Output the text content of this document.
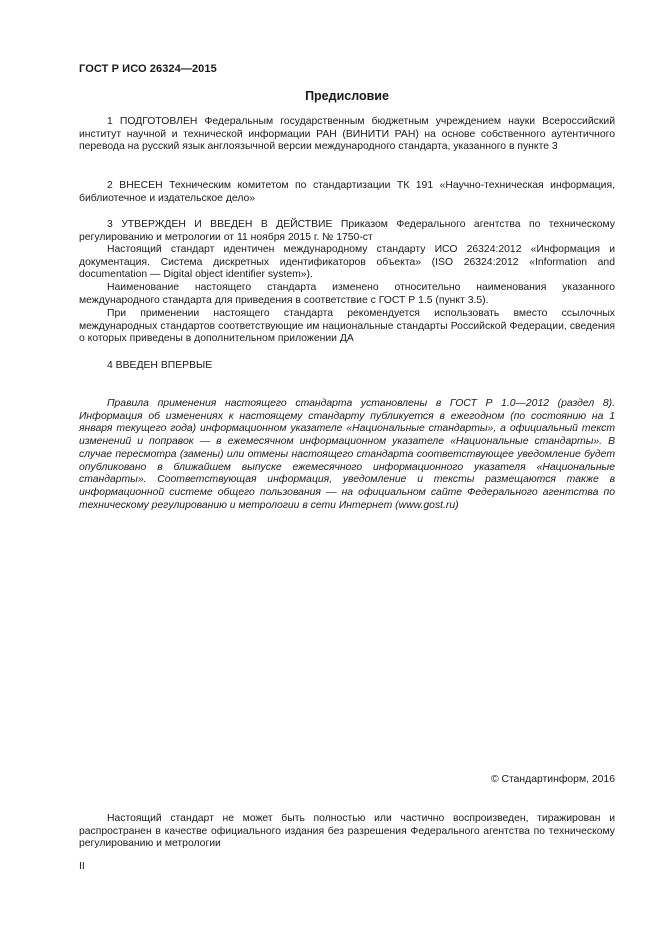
ГОСТ Р ИСО 26324—2015
Предисловие

1 ПОДГОТОВЛЕН Федеральным государственным бюджетным учреждением науки Всероссийский институт научной и технической информации РАН (ВИНИТИ РАН) на основе собственного аутентичного перевода на русский язык англоязычной версии международного стандарта, указанного в пункте 3

2 ВНЕСЕН Техническим комитетом по стандартизации ТК 191 «Научно-техническая информация, библиотечное и издательское дело»

3 УТВЕРЖДЕН И ВВЕДЕН В ДЕЙСТВИЕ Приказом Федерального агентства по техническому регулированию и метрологии от 11 ноября 2015 г. № 1750-ст

Настоящий стандарт идентичен международному стандарту ИСО 26324:2012 «Информация и документация. Система дискретных идентификаторов объекта» (ISO 26324:2012 «Information and documentation — Digital object identifier system»).

Наименование настоящего стандарта изменено относительно наименования указанного международного стандарта для приведения в соответствие с ГОСТ Р 1.5 (пункт 3.5).

При применении настоящего стандарта рекомендуется использовать вместо ссылочных международных стандартов соответствующие им национальные стандарты Российской Федерации, сведения о которых приведены в дополнительном приложении ДА

4 ВВЕДЕН ВПЕРВЫЕ

Правила применения настоящего стандарта установлены в ГОСТ Р 1.0—2012 (раздел 8). Информация об изменениях к настоящему стандарту публикуется в ежегодном (по состоянию на 1 января текущего года) информационном указателе «Национальные стандарты», а официальный текст изменений и поправок — в ежемесячном информационном указателе «Национальные стандарты». В случае пересмотра (замены) или отмены настоящего стандарта соответствующее уведомление будет опубликовано в ближайшем выпуске ежемесячного информационного указателя «Национальные стандарты». Соответствующая информация, уведомление и тексты размещаются также в информационной системе общего пользования — на официальном сайте Федерального агентства по техническому регулированию и метрологии в сети Интернет (www.gost.ru)

© Стандартинформ, 2016

Настоящий стандарт не может быть полностью или частично воспроизведен, тиражирован и распространен в качестве официального издания без разрешения Федерального агентства по техническому регулированию и метрологии

II
